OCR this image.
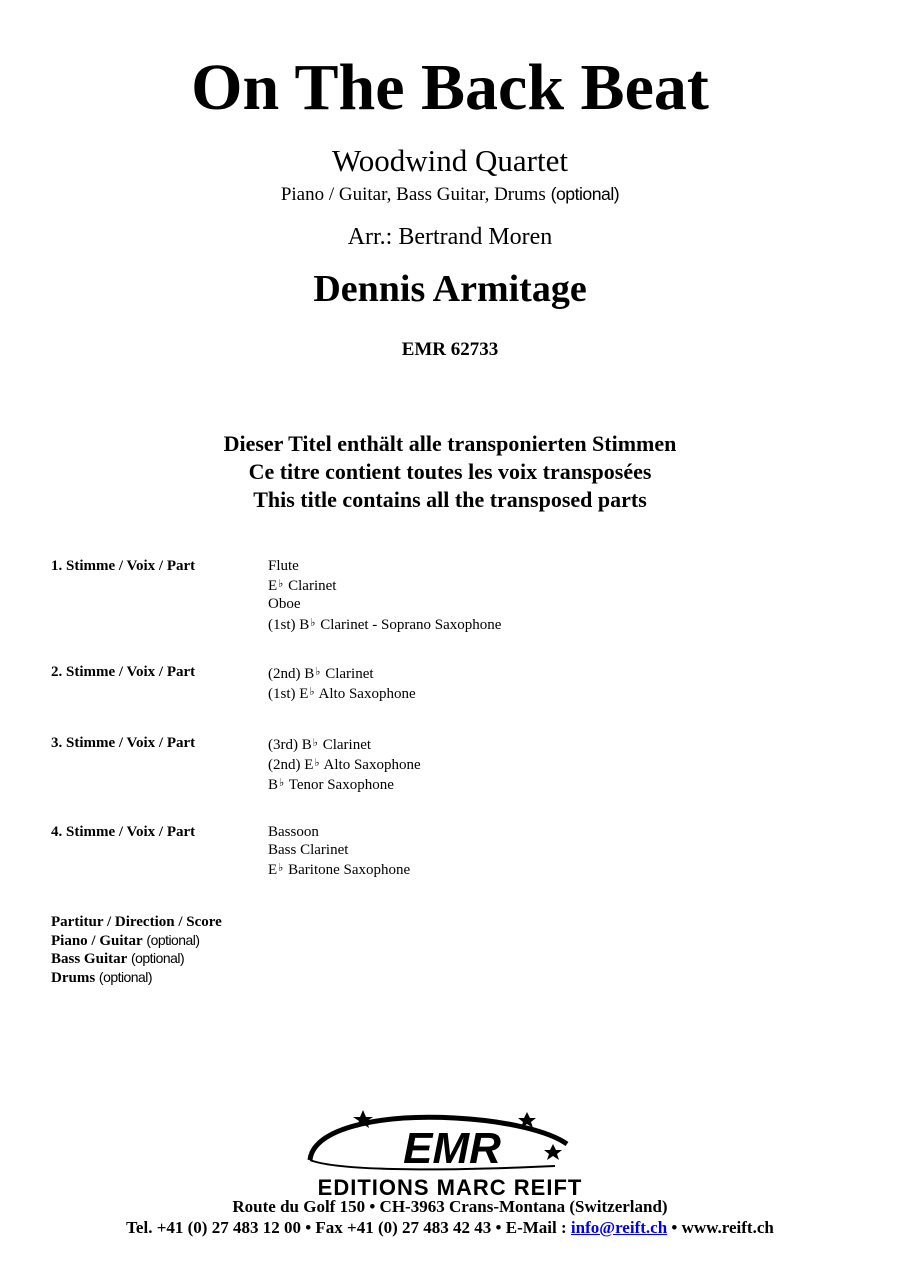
On The Back Beat
Woodwind Quartet
Piano / Guitar, Bass Guitar, Drums (optional)
Arr.: Bertrand Moren
Dennis Armitage
EMR 62733
Dieser Titel enthält alle transponierten Stimmen
Ce titre contient toutes les voix transposées
This title contains all the transposed parts
1. Stimme / Voix / Part	Flute
E♭ Clarinet
Oboe
(1st) B♭ Clarinet - Soprano Saxophone
2. Stimme / Voix / Part	(2nd) B♭ Clarinet
(1st) E♭ Alto Saxophone
3. Stimme / Voix / Part	(3rd) B♭ Clarinet
(2nd) E♭ Alto Saxophone
B♭ Tenor Saxophone
4. Stimme / Voix / Part	Bassoon
Bass Clarinet
E♭ Baritone Saxophone
Partitur / Direction / Score
Piano / Guitar (optional)
Bass Guitar (optional)
Drums (optional)
EMR
EDITIONS MARC REIFT
Route du Golf 150 • CH-3963 Crans-Montana (Switzerland)
Tel. +41 (0) 27 483 12 00 • Fax +41 (0) 27 483 42 43 • E-Mail : info@reift.ch • www.reift.ch
